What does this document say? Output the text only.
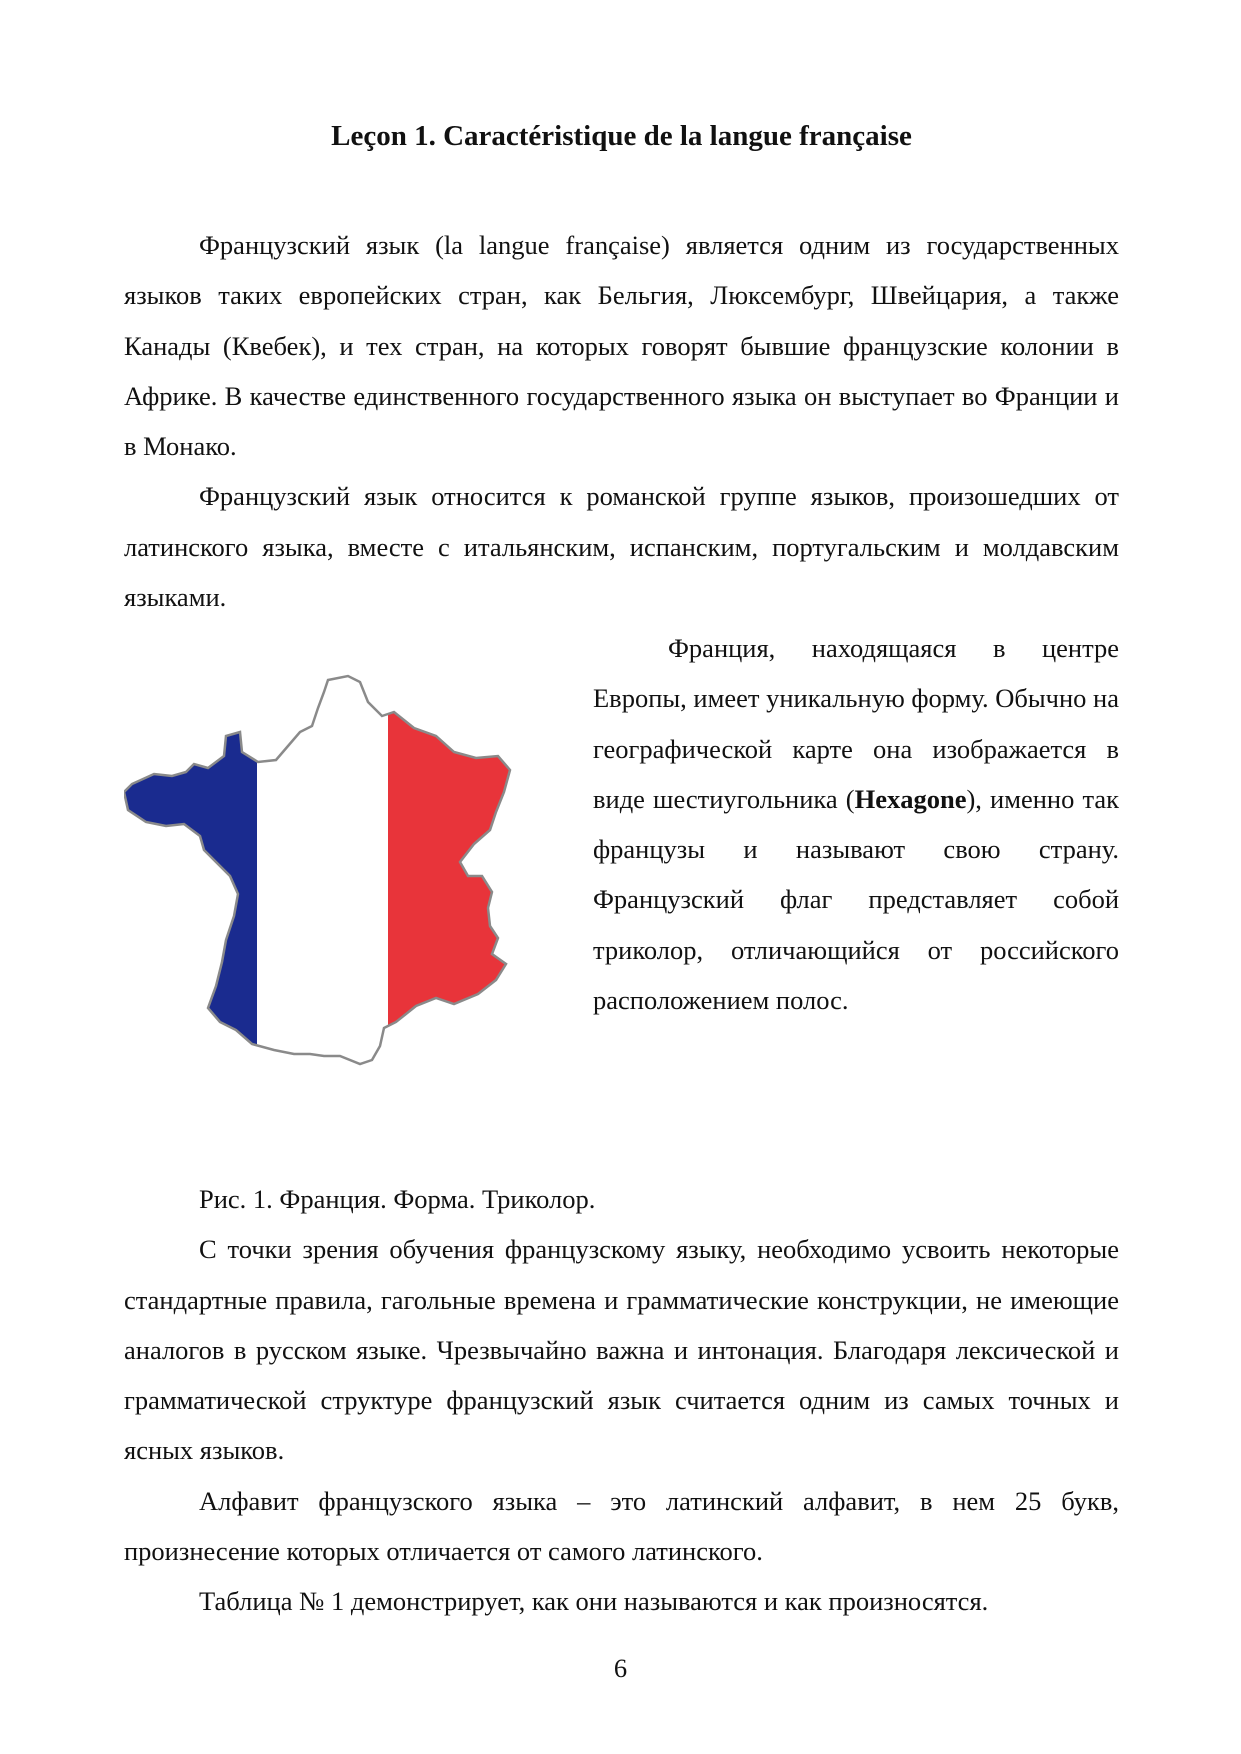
Leçon 1. Caractéristique de la langue française

Французский язык (la langue française) является одним из государственных языков таких европейских стран, как Бельгия, Люксембург, Швейцария, а также Канады (Квебек), и тех стран, на которых говорят бывшие французские колонии в Африке. В качестве единственного государственного языка он выступает во Франции и в Монако.

Французский язык относится к романской группе языков, произошедших от латинского языка, вместе с итальянским, испанским, португальским и молдавским языками.

Франция, находящаяся в центре Европы, имеет уникальную форму. Обычно на географической карте она изображается в виде шестиугольника (Hexagone), именно так французы и называют свою страну. Французский флаг представляет собой триколор, отличающийся от российского расположением полос.

Рис. 1. Франция. Форма. Триколор.

С точки зрения обучения французскому языку, необходимо усвоить некоторые стандартные правила, гагольные времена и грамматические конструкции, не имеющие аналогов в русском языке. Чрезвычайно важна и интонация. Благодаря лексической и грамматической структуре французский язык считается одним из самых точных и ясных языков.

Алфавит французского языка – это латинский алфавит, в нем 25 букв, произнесение которых отличается от самого латинского.

Таблица № 1 демонстрирует, как они называются и как произносятся.

6
